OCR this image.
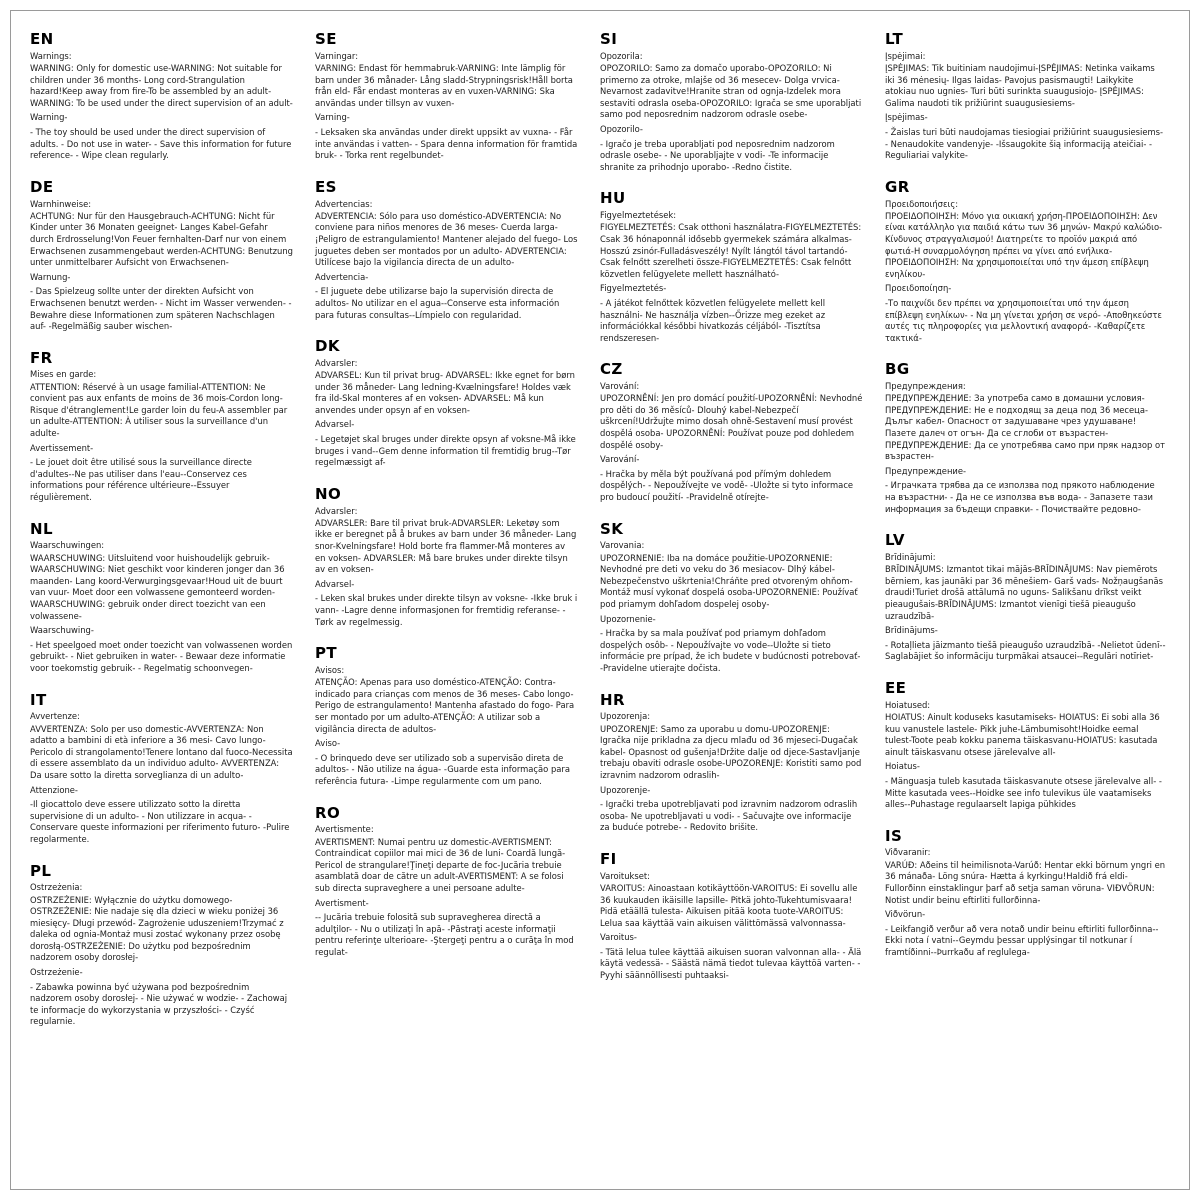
EN
Warnings:
WARNING: Only for domestic use-WARNING: Not suitable for children under 36 months- Long cord-Strangulation hazard!Keep away from fire-To be assembled by an adult-WARNING: To be used under the direct supervision of an adult-
Warning-
- The toy should be used under the direct supervision of adults. - Do not use in water- - Save this information for future reference- - Wipe clean regularly.
DE
Warnhinweise:
ACHTUNG: Nur für den Hausgebrauch-ACHTUNG: Nicht für Kinder unter 36 Monaten geeignet- Langes Kabel-Gefahr durch Erdrosselung!Von Feuer fernhalten-Darf nur von einem Erwachsenen zusammengebaut werden-ACHTUNG: Benutzung unter unmittelbarer Aufsicht von Erwachsenen-
Warnung-
- Das Spielzeug sollte unter der direkten Aufsicht von Erwachsenen benutzt werden- - Nicht im Wasser verwenden- -Bewahre diese Informationen zum späteren Nachschlagen auf- -Regelmäßig sauber wischen-
FR
Mises en garde:
ATTENTION: Réservé à un usage familial-ATTENTION: Ne convient pas aux enfants de moins de 36 mois-Cordon long- Risque d'étranglement!Le garder loin du feu-A assembler par un adulte-ATTENTION: À utiliser sous la surveillance d'un adulte-
Avertissement-
- Le jouet doit être utilisé sous la surveillance directe d'adultes--Ne pas utiliser dans l'eau--Conservez ces informations pour référence ultérieure--Essuyer régulièrement.
NL
Waarschuwingen:
WAARSCHUWING: Uitsluitend voor huishoudelijk gebruik- WAARSCHUWING: Niet geschikt voor kinderen jonger dan 36 maanden- Lang koord-Verwurgingsgevaar!Houd uit de buurt van vuur- Moet door een volwassene gemonteerd worden-WAARSCHUWING: gebruik onder direct toezicht van een volwassene-
Waarschuwing-
- Het speelgoed moet onder toezicht van volwassenen worden gebruikt- - Niet gebruiken in water- - Bewaar deze informatie voor toekomstig gebruik- - Regelmatig schoonvegen-
IT
Avvertenze:
AVVERTENZA: Solo per uso domestic-AVVERTENZA: Non adatto a bambini di età inferiore a 36 mesi- Cavo lungo- Pericolo di strangolamento!Tenere lontano dal fuoco-Necessita di essere assemblato da un individuo adulto- AVVERTENZA: Da usare sotto la diretta sorveglianza di un adulto-
Attenzione-
-Il giocattolo deve essere utilizzato sotto la diretta supervisione di un adulto- - Non utilizzare in acqua- -Conservare queste informazioni per riferimento futuro- -Pulire regolarmente.
PL
Ostrzeżenia:
OSTRZEŻENIE: Wyłącznie do użytku domowego-OSTRZEŻENIE: Nie nadaje się dla dzieci w wieku poniżej 36 miesięcy- Długi przewód- Zagrożenie uduszeniem!Trzymać z daleka od ognia-Montaż musi zostać wykonany przez osobę dorosłą-OSTRZEŻENIE: Do użytku pod bezpośrednim nadzorem osoby dorosłej-
Ostrzeżenie-
- Zabawka powinna być używana pod bezpośrednim nadzorem osoby dorosłej- - Nie używać w wodzie- - Zachowaj te informacje do wykorzystania w przyszłości- - Czyść regularnie.
SE
Varningar:
VARNING: Endast för hemmabruk-VARNING: Inte lämplig för barn under 36 månader- Lång sladd-Strypningsrisk!Håll borta från eld- Får endast monteras av en vuxen-VARNING: Ska användas under tillsyn av vuxen-
Varning-
- Leksaken ska användas under direkt uppsikt av vuxna- - Får inte användas i vatten- - Spara denna information för framtida bruk- - Torka rent regelbundet-
ES
Advertencias:
ADVERTENCIA: Sólo para uso doméstico-ADVERTENCIA: No conviene para niños menores de 36 meses- Cuerda larga- ¡Peligro de estrangulamiento! Mantener alejado del fuego- Los juguetes deben ser montados por un adulto- ADVERTENCIA: Utilícese bajo la vigilancia directa de un adulto-
Advertencia-
- El juguete debe utilizarse bajo la supervisión directa de adultos- No utilizar en el agua--Conserve esta información para futuras consultas--Límpielo con regularidad.
DK
Advarsler:
ADVARSEL: Kun til privat brug- ADVARSEL: Ikke egnet for børn under 36 måneder- Lang ledning-Kvælningsfare! Holdes væk fra ild-Skal monteres af en voksen- ADVARSEL: Må kun anvendes under opsyn af en voksen-
Advarsel-
- Legetøjet skal bruges under direkte opsyn af voksne-Må ikke bruges i vand--Gem denne information til fremtidig brug--Tør regelmæssigt af-
NO
Advarsler:
ADVARSLER: Bare til privat bruk-ADVARSLER: Leketøy som ikke er beregnet på å brukes av barn under 36 måneder- Lang snor-Kvelningsfare! Hold borte fra flammer-Må monteres av en voksen- ADVARSLER: Må bare brukes under direkte tilsyn av en voksen-
Advarsel-
- Leken skal brukes under direkte tilsyn av voksne- -Ikke bruk i vann- -Lagre denne informasjonen for fremtidig referanse- -Tørk av regelmessig.
PT
Avisos:
ATENÇÃO: Apenas para uso doméstico-ATENÇÃO: Contra-indicado para crianças com menos de 36 meses- Cabo longo- Perigo de estrangulamento! Mantenha afastado do fogo- Para ser montado por um adulto-ATENÇÃO: A utilizar sob a vigilância directa de adultos-
Aviso-
- O brinquedo deve ser utilizado sob a supervisão direta de adultos- - Não utilize na água- -Guarde esta informação para referência futura- -Limpe regularmente com um pano.
RO
Avertismente:
AVERTISMENT: Numai pentru uz domestic-AVERTISMENT: Contraindicat copiilor mai mici de 36 de luni- Coardă lungă- Pericol de strangulare!Ţineţi departe de foc-Jucăria trebuie asamblată doar de către un adult-AVERTISMENT: A se folosi sub directa supraveghere a unei persoane adulte-
Avertisment-
-- Jucăria trebuie folosită sub supravegherea directă a adulţilor- - Nu o utilizaţi în apă- -Păstraţi aceste informaţii pentru referinţe ulterioare- -Ştergeţi pentru a o curăţa în mod regulat-
SI
Opozorila:
OPOZORILO: Samo za domačo uporabo-OPOZORILO: Ni primerno za otroke, mlajše od 36 mesecev- Dolga vrvica- Nevarnost zadavitve!Hranite stran od ognja-Izdelek mora sestaviti odrasla oseba-OPOZORILO: Igrača se sme uporabljati samo pod neposrednim nadzorom odrasle osebe-
Opozorilo-
- Igračo je treba uporabljati pod neposrednim nadzorom odrasle osebe- - Ne uporabljajte v vodi- -Te informacije shranite za prihodnjo uporabo- -Redno čistite.
HU
Figyelmeztetések:
FIGYELMEZTETÉS: Csak otthoni használatra-FIGYELMEZTETÉS: Csak 36 hónaponnál idősebb gyermekek számára alkalmas-Hosszú zsinór-Fulladásveszély! Nyílt lángtól távol tartandó- Csak felnőtt szerelheti össze-FIGYELMEZTETÉS: Csak felnőtt közvetlen felügyelete mellett használható-
Figyelmeztetés-
- A játékot felnőttek közvetlen felügyelete mellett kell használni- Ne használja vízben--Őrizze meg ezeket az információkkal későbbi hivatkozás céljából- -Tisztítsa rendszeresen-
CZ
Varování:
UPOZORNĚNÍ: Jen pro domácí použití-UPOZORNĚNÍ: Nevhodné pro děti do 36 měsíců- Dlouhý kabel-Nebezpečí uškrcení!Udržujte mimo dosah ohně-Sestavení musí provést dospělá osoba- UPOZORNĚNÍ: Používat pouze pod dohledem dospělé osoby-
Varování-
- Hračka by měla být používaná pod přímým dohledem dospělých- - Nepoužívejte ve vodě- -Uložte si tyto informace pro budoucí použití- -Pravidelně otírejte-
SK
Varovania:
UPOZORNENIE: Iba na domáce použitie-UPOZORNENIE: Nevhodné pre deti vo veku do 36 mesiacov- Dlhý kábel-Nebezpečenstvo uškrtenia!Chráňte pred otvoreným ohňom- Montáž musí vykonať dospelá osoba-UPOZORNENIE: Používať pod priamym dohľadom dospelej osoby-
Upozornenie-
- Hračka by sa mala používať pod priamym dohľadom dospelých osôb- - Nepoužívajte vo vode--Uložte si tieto informácie pre prípad, že ich budete v budúcnosti potrebovať- -Pravidelne utierajte dočista.
HR
Upozorenja:
UPOZORENJE: Samo za uporabu u domu-UPOZORENJE: Igračka nije prikladna za djecu mlađu od 36 mjeseci-Dugačak kabel- Opasnost od gušenja!Držite dalje od djece-Sastavljanje trebaju obaviti odrasle osobe-UPOZORENJE: Koristiti samo pod izravnim nadzorom odraslih-
Upozorenje-
- Igrački treba upotrebljavati pod izravnim nadzorom odraslih osoba- Ne upotrebljavati u vodi- - Sačuvajte ove informacije za buduće potrebe- - Redovito brišite.
FI
Varoitukset:
VAROITUS: Ainoastaan kotikäyttöön-VAROITUS: Ei sovellu alle 36 kuukauden ikäisille lapsille- Pitkä johto-Tukehtumisvaara! Pidä etäällä tulesta- Aikuisen pitää koota tuote-VAROITUS: Lelua saa käyttää vain aikuisen välittömässä valvonnassa-
Varoitus-
- Tätä lelua tulee käyttää aikuisen suoran valvonnan alla- - Älä käytä vedessä- - Säästä nämä tiedot tulevaa käyttöä varten- - Pyyhi säännöllisesti puhtaaksi-
LT
Įspėjimai:
ĮSPĖJIMAS: Tik buitiniam naudojimui-ĮSPĖJIMAS: Netinka vaikams iki 36 mėnesių- Ilgas laidas- Pavojus pasismaugti! Laikykite atokiau nuo ugnies- Turi būti surinkta suaugusiojo- ĮSPĖJIMAS: Galima naudoti tik prižiūrint suaugusiesiems-
Įspėjimas-
- Žaislas turi būti naudojamas tiesiogiai prižiūrint suaugusiesiems- - Nenaudokite vandenyje- -Išsaugokite šią informaciją ateičiai- -Reguliariai valykite-
GR
Προειδοποιήσεις:
ΠΡΟΕΙΔΟΠΟΙΗΣΗ: Μόνο για οικιακή χρήση-ΠΡΟΕΙΔΟΠΟΙΗΣΗ: Δεν είναι κατάλληλο για παιδιά κάτω των 36 μηνών- Μακρύ καλώδιο- Κίνδυνος στραγγαλισμού! Διατηρείτε το προϊόν μακριά από φωτιά-Η συναρμολόγηση πρέπει να γίνει από ενήλικα-ΠΡΟΕΙΔΟΠΟΙΗΣΗ: Να χρησιμοποιείται υπό την άμεση επίβλεψη ενηλίκου-
Προειδοποίηση-
-Το παιχνίδι δεν πρέπει να χρησιμοποιείται υπό την άμεση επίβλεψη ενηλίκων- - Να μη γίνεται χρήση σε νερό- -Αποθηκεύστε αυτές τις πληροφορίες για μελλοντική αναφορά- -Καθαρίζετε τακτικά-
BG
Предупреждения:
ПРЕДУПРЕЖДЕНИЕ: За употреба само в домашни условия- ПРЕДУПРЕЖДЕНИЕ: Не е подходящ за деца под 36 месеца-Дълъг кабел- Опасност от задушаване чрез удушаване!Пазете далеч от огън- Да се сглоби от възрастен-ПРЕДУПРЕЖДЕНИЕ: Да се употребява само при пряк надзор от възрастен-
Предупреждение-
- Играчката трябва да се използва под прякото наблюдение на възрастни- - Да не се използва във вода- - Запазете тази информация за бъдещи справки- - Почиствайте редовно-
LV
Brīdinājumi:
BRĪDINĀJUMS: Izmantot tikai mājās-BRĪDINĀJUMS: Nav piemērots bērniem, kas jaunāki par 36 mēnešiem- Garš vads- Nožņaugšanās draudi!Turiet drošā attālumā no uguns- Salikšanu drīkst veikt pieaugušais-BRĪDINĀJUMS: Izmantot vienīgi tiešā pieaugušo uzraudzībā-
Brīdinājums-
- Rotaļlieta jāizmanto tiešā pieaugušo uzraudzībā- -Nelietot ūdenī--Saglabājiet šo informāciju turpmākai atsaucei--Regulāri notīriet-
EE
Hoiatused:
HOIATUS: Ainult koduseks kasutamiseks- HOIATUS: Ei sobi alla 36 kuu vanustele lastele- Pikk juhe-Lämbumisoht!Hoidke eemal tulest-Toote peab kokku panema täiskasvanu-HOIATUS: kasutada ainult täiskasvanu otsese järelevalve all-
Hoiatus-
- Mänguasja tuleb kasutada täiskasvanute otsese järelevalve all- - Mitte kasutada vees--Hoidke see info tulevikus üle vaatamiseks alles--Puhastage regulaarselt lapiga pühkides
IS
Viðvaranir:
VARÚÐ: Aðeins til heimilisnota-Varúð: Hentar ekki börnum yngri en 36 mánaða- Löng snúra- Hætta á kyrkingu!Haldið frá eldi-Fullorðinn einstaklingur þarf að setja saman vöruna- VIÐVÖRUN: Notist undir beinu eftirliti fullorðinna-
Viðvörun-
- Leikfangið verður að vera notað undir beinu eftirliti fullorðinna--Ekki nota í vatni--Geymdu þessar upplýsingar til notkunar í framtíðinni--Þurrkaðu af reglulega-
